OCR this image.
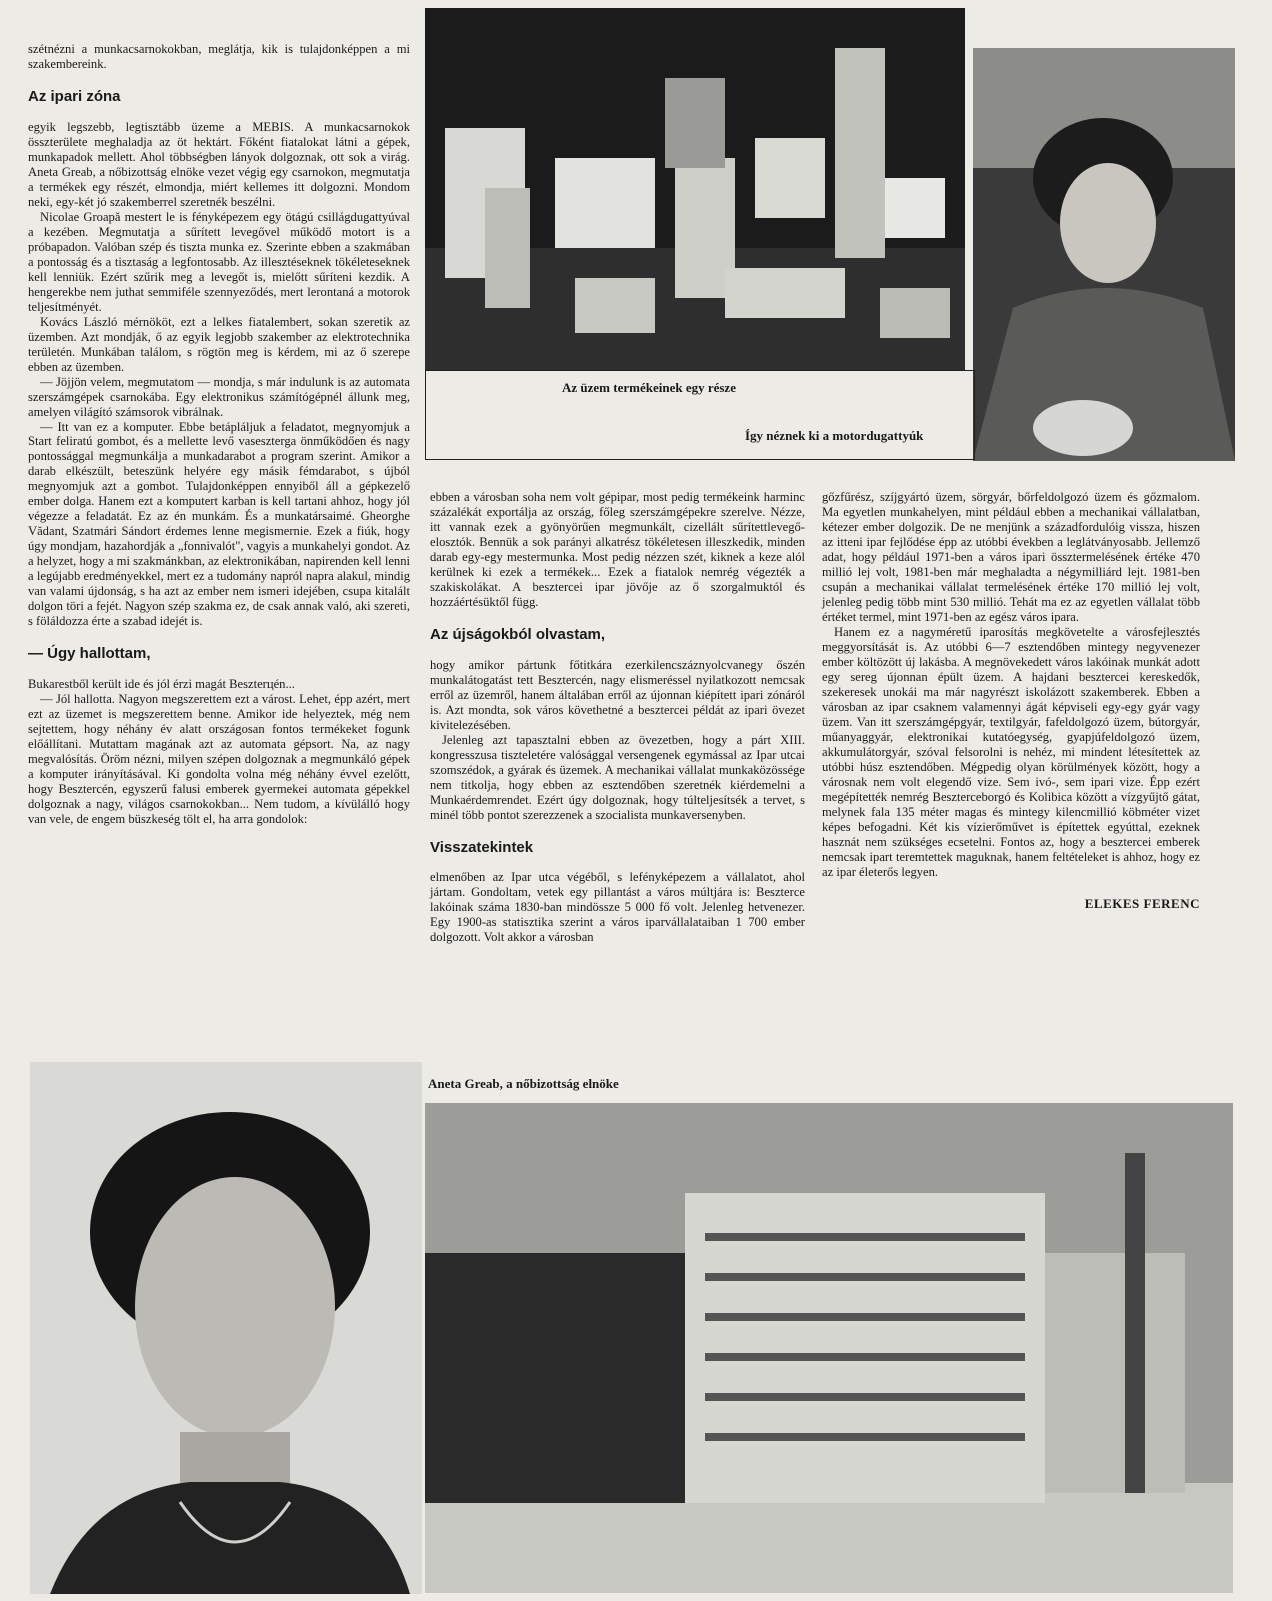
szétnézni a munkacsarnokokban, meglátja, kik is tulajdonképpen a mi szakembereink.

Az ipari zóna

egyik legszebb, legtisztább üzeme a MEBIS. A munkacsarnokok összterülete meghaladja az öt hektárt. Főként fiatalokat látni a gépek, munkapadok mellett. Ahol többségben lányok dolgoznak, ott sok a virág. Aneta Greab, a nőbizottság elnöke vezet végig egy csarnokon, megmutatja a termékek egy részét, elmondja, miért kellemes itt dolgozni. Mondom neki, egy-két jó szakemberrel szeretnék beszélni.

Nicolae Groapă mestert le is fényképezem egy ötágú csillágdugattyúval a kezében. Megmutatja a sűrített levegővel működő motort is a próbapadon. Valóban szép és tiszta munka ez. Szerinte ebben a szakmában a pontosság és a tisztaság a legfontosabb. Az illesztéseknek tökéleteseknek kell lenniük. Ezért szűrik meg a levegőt is, mielőtt sűríteni kezdik. A hengerekbe nem juthat semmiféle szennyeződés, mert lerontaná a motorok teljesítményét.

Kovács László mérnököt, ezt a lelkes fiatalembert, sokan szeretik az üzemben. Azt mondják, ő az egyik legjobb szakember az elektrotechnika területén. Munkában találom, s rögtön meg is kérdem, mi az ő szerepe ebben az üzemben.

— Jöjjön velem, megmutatom — mondja, s már indulunk is az automata szerszámgépek csarnokába. Egy elektronikus számítógépnél állunk meg, amelyen világító számsorok vibrálnak.

— Itt van ez a komputer. Ebbe betápláljuk a feladatot, megnyomjuk a Start feliratú gombot, és a mellette levő vasesztergа önműködően és nagy pontossággal megmunkálja a munkadarabot a program szerint. Amikor a darab elkészült, beteszünk helyére egy másik fémdarabot, s újból megnyomjuk azt a gombot. Tulajdonképpen ennyiből áll a gépkezelő ember dolga. Hanem ezt a komputert karban is kell tartani ahhoz, hogy jól végezze a feladatát. Ez az én munkám. És a munkatársaimé. Gheorghe Vădant, Szatmári Sándort érdemes lenne megismernie. Ezek a fiúk, hogy úgy mondjam, hazahordják a „fonnivalót", vagyis a munkahelyi gondot. Az a helyzet, hogy a mi szakmánkban, az elektronikában, napirenden kell lenni a legújabb eredményekkel, mert ez a tudomány napról napra alakul, mindig van valami újdonság, s ha azt az ember nem ismeri idejében, csupa kitalált dolgon töri a fejét. Nagyon szép szakma ez, de csak annak való, aki szereti, s föláldozza érte a szabad idejét is.

— Úgy hallottam,

Bukarestből került ide és jól érzi magát Beszterцén...

— Jól hallotta. Nagyon megszerettem ezt a várost. Lehet, épp azért, mert ezt az üzemet is megszerettem benne. Amikor ide helyeztek, még nem sejtettem, hogy néhány év alatt országosan fontos termékeket fogunk előállítani. Mutattam magának azt az automata gépsort. Na, az nagy megvalósítás. Öröm nézni, milyen szépen dolgoznak a megmunkáló gépek a komputer irányításával. Ki gondolta volna még néhány évvel ezelőtt, hogy Besztercén, egyszerű falusi emberek gyermekei automata gépekkel dolgoznak a nagy, világos csarnokokban... Nem tudom, a kívülálló hogy van vele, de engem büszkeség tölt el, ha arra gondolok:

Az üzem termékeinek egy része
Így néznek ki a motordugattyúk

ebben a városban soha nem volt gépipar, most pedig termékeink harminc százalékát exportálja az ország, főleg szerszámgépekre szerelve. Nézze, itt vannak ezek a gyönyörűen megmunkált, cizellált sűrítettlevegő-elosztók. Bennük a sok parányi alkatrész tökéletesen illeszkedik, minden darab egy-egy mestermunka. Most pedig nézzen szét, kiknek a keze alól kerülnek ki ezek a termékek... Ezek a fiatalok nemrég végezték a szakiskolákat. A besztercei ipar jövője az ő szorgalmuktól és hozzáértésüktől függ.

Az újságokból olvastam,

hogy amikor pártunk főtitkára ezerkilencszáznyolcvanegy őszén munkalátogatást tett Besztercén, nagy elismeréssel nyilatkozott nemcsak erről az üzemről, hanem általában erről az újonnan kiépített ipari zónáról is. Azt mondta, sok város követhetné a besztercei példát az ipari övezet kivitelezésében.

Jelenleg azt tapasztalni ebben az övezetben, hogy a párt XIII. kongresszusa tiszteletére valósággal versengenek egymással az Ipar utcai szomszédok, a gyárak és üzemek. A mechanikai vállalat munkaközössége nem titkolja, hogy ebben az esztendőben szeretnék kiérdemelni a Munkaérdemrendet. Ezért úgy dolgoznak, hogy túlteljesítsék a tervet, s minél több pontot szerezzenek a szocialista munkaversenyben.

Visszatekintek

elmenőben az Ipar utca végéből, s lefényképezem a vállalatot, ahol jártam. Gondoltam, vetek egy pillantást a város múltjára is: Beszterce lakóinak száma 1830-ban mindössze 5 000 fő volt. Jelenleg hetvenezer. Egy 1900-as statisztika szerint a város iparvállalataiban 1 700 ember dolgozott. Volt akkor a városban

gőzfűrész, szíjgyártó üzem, sörgyár, bőrfeldolgozó üzem és gőzmalom. Ma egyetlen munkahelyen, mint például ebben a mechanikai vállalatban, kétezer ember dolgozik. De ne menjünk a századfordulóig vissza, hiszen az itteni ipar fejlődése épp az utóbbi években a leglátványosabb. Jellemző adat, hogy például 1971-ben a város ipari össztermelésének értéke 470 millió lej volt, 1981-ben már meghaladta a négymilliárd lejt. 1981-ben csupán a mechanikai vállalat termelésének értéke 170 millió lej volt, jelenleg pedig több mint 530 millió. Tehát ma ez az egyetlen vállalat több értéket termel, mint 1971-ben az egész város ipara.

Hanem ez a nagyméretű iparosítás megkövetelte a városfejlesztés meggyorsítását is. Az utóbbi 6—7 esztendőben mintegy negyvenezer ember költözött új lakásba. A megnövekedett város lakóinak munkát adott egy sereg újonnan épült üzem. A hajdani besztercei kereskedők, szekeresek unokái ma már nagyrészt iskolázott szakemberek. Ebben a városban az ipar csaknem valamennyi ágát képviseli egy-egy gyár vagy üzem. Van itt szerszámgépgyár, textilgyár, fafeldolgozó üzem, bútorgyár, műanyaggyár, elektronikai kutatóegység, gyapjúfeldolgozó üzem, akkumulátorgyár, szóval felsorolni is nehéz, mi mindent létesítettek az utóbbi húsz esztendőben. Mégpedig olyan körülmények között, hogy a városnak nem volt elegendő vize. Sem ivó-, sem ipari vize. Épp ezért megépítették nemrég Besztercebоrgó és Kolibica között a vízgyűjtő gátat, melynek fala 135 méter magas és mintegy kilencmillió köbméter vizet képes befogadni. Két kis vízierőművet is építettek egyúttal, ezeknek hasznát nem szükséges ecsetelni. Fontos az, hogy a besztercei emberek nemcsak ipart teremtettek maguknak, hanem feltételeket is ahhoz, hogy ez az ipar életerős legyen.

ELEKES FERENC
Aneta Greab, a nőbizottság elnöke
